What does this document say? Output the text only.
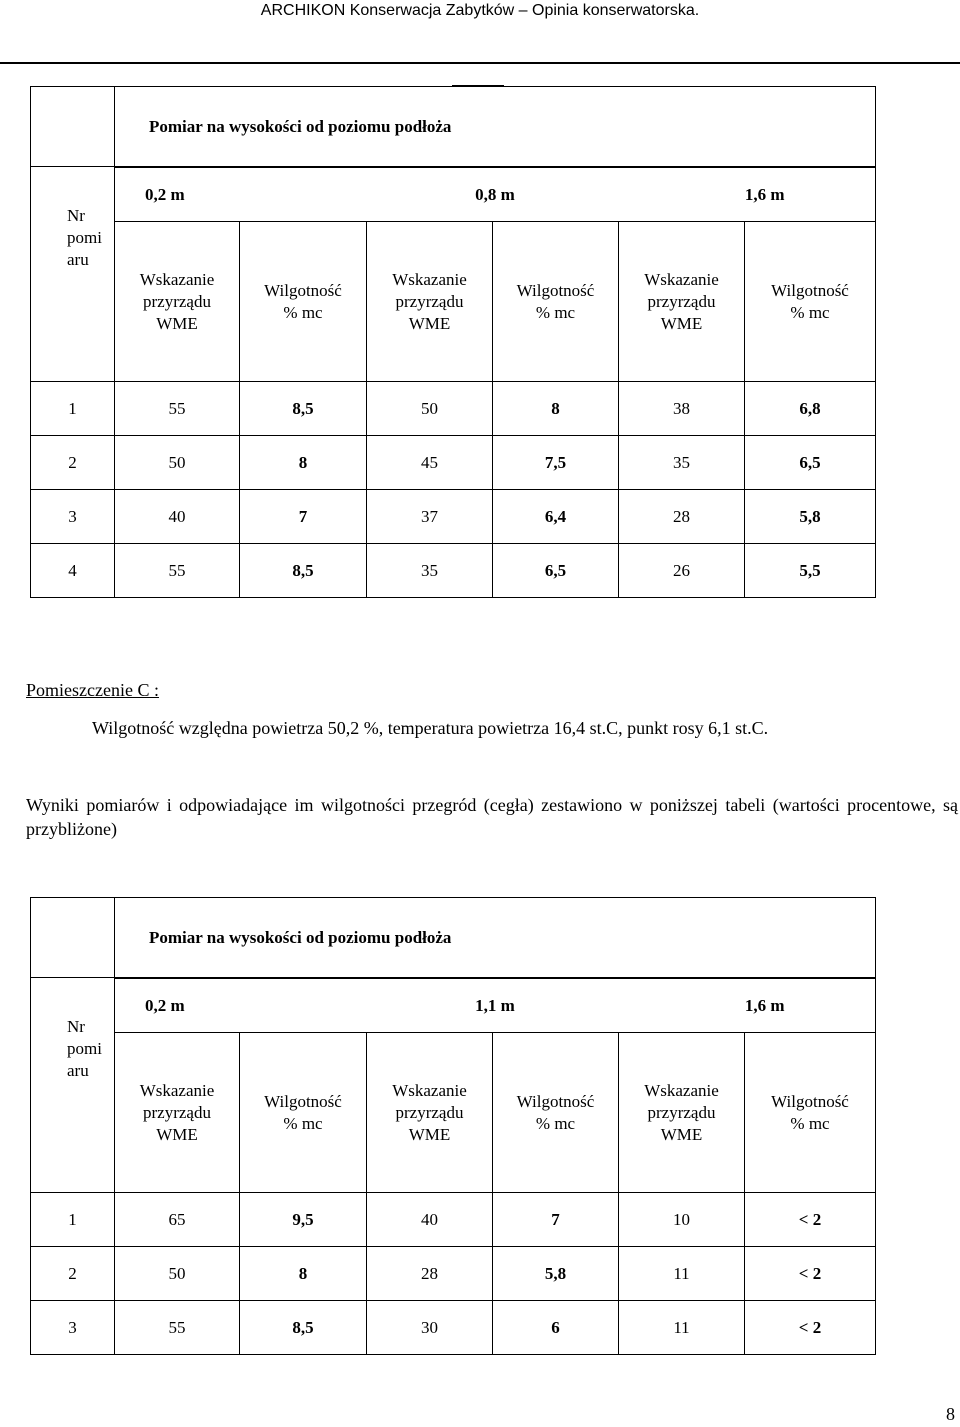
ARCHIKON Konserwacja Zabytków – Opinia konserwatorska.
	Pomiar na wysokości od poziomu podłoża

Nr
pomi
aru

0,2 m	0,8 m	1,6 m

Wskazanie
przyrządu
WME

Wilgotność
% mc

Wskazanie
przyrządu
WME

Wilgotność
% mc

Wskazanie
przyrządu
WME

Wilgotność
% mc

1	55	8,5	50	8	38	6,8
2	50	8	45	7,5	35	6,5
3	40	7	37	6,4	28	5,8
4	55	8,5	35	6,5	26	5,5
Pomieszczenie C :
Wilgotność względna powietrza 50,2 %, temperatura powietrza 16,4 st.C, punkt rosy 6,1 st.C.
Wyniki pomiarów i odpowiadające im wilgotności przegród (cegła) zestawiono w poniższej tabeli (wartości procentowe, są przybliżone)
	Pomiar na wysokości od poziomu podłoża

Nr
pomi
aru

0,2 m	1,1 m	1,6 m

Wskazanie
przyrządu
WME

Wilgotność
% mc

Wskazanie
przyrządu
WME

Wilgotność
% mc

Wskazanie
przyrządu
WME

Wilgotność
% mc

1	65	9,5	40	7	10	< 2
2	50	8	28	5,8	11	< 2
3	55	8,5	30	6	11	< 2
8
